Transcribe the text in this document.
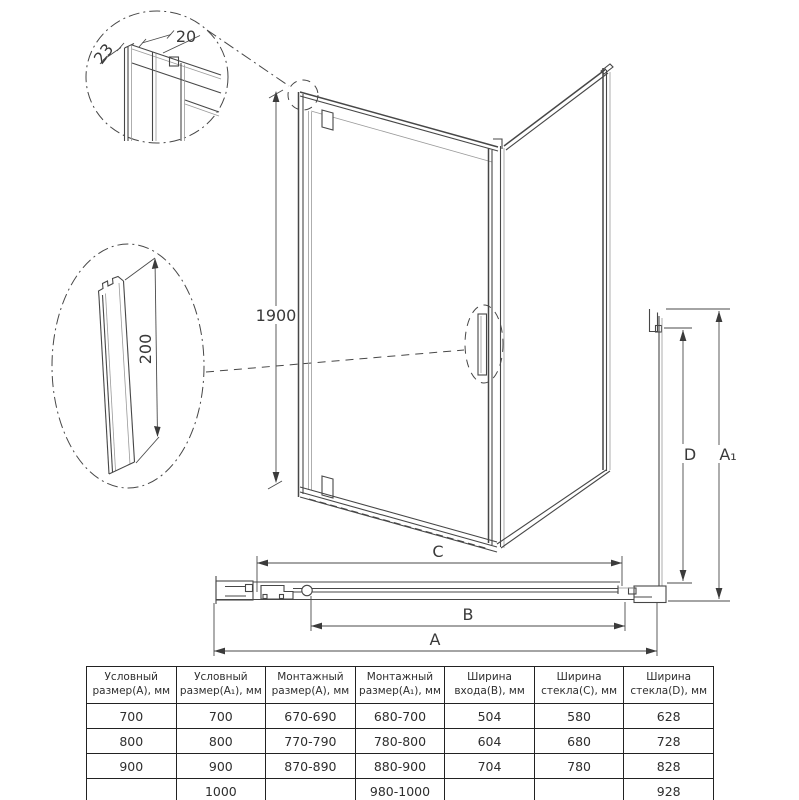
23
20
200
1900
D A₁
C
B
A
Условный размер(A), мм	Условный размер(A₁), мм	Монтажный размер(A), мм	Монтажный размер(A₁), мм	Ширина входа(B), мм	Ширина стекла(C), мм	Ширина стекла(D), мм
700	700	670-690	680-700	504	580	628
800	800	770-790	780-800	604	680	728
900	900	870-890	880-900	704	780	828
	1000		980-1000			928
